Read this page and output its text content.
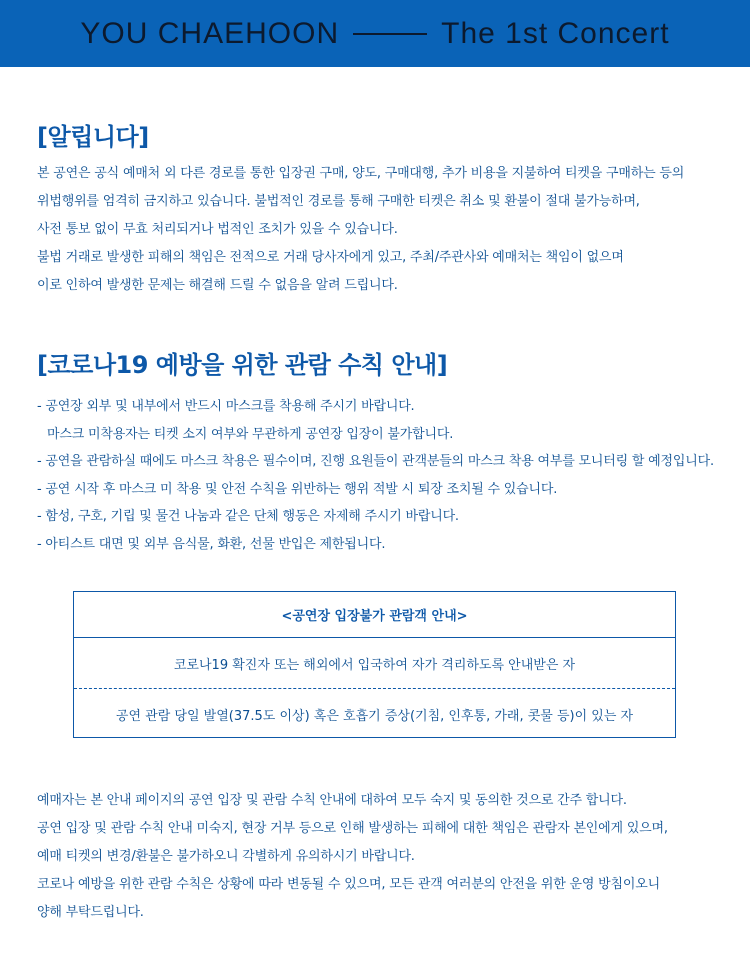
YOU CHAEHOON	The 1st Concert
[알립니다]
본 공연은 공식 예매처 외 다른 경로를 통한 입장권 구매, 양도, 구매대행, 추가 비용을 지불하여 티켓을 구매하는 등의
위법행위를 엄격히 금지하고 있습니다. 불법적인 경로를 통해 구매한 티켓은 취소 및 환불이 절대 불가능하며,
사전 통보 없이 무효 처리되거나 법적인 조치가 있을 수 있습니다.
불법 거래로 발생한 피해의 책임은 전적으로 거래 당사자에게 있고, 주최/주관사와 예매처는 책임이 없으며
이로 인하여 발생한 문제는 해결해 드릴 수 없음을 알려 드립니다.
[코로나19 예방을 위한 관람 수칙 안내]
- 공연장 외부 및 내부에서 반드시 마스크를 착용해 주시기 바랍니다.
마스크 미착용자는 티켓 소지 여부와 무관하게 공연장 입장이 불가합니다.
- 공연을 관람하실 때에도 마스크 착용은 필수이며, 진행 요원들이 관객분들의 마스크 착용 여부를 모니터링 할 예정입니다.
- 공연 시작 후 마스크 미 착용 및 안전 수칙을 위반하는 행위 적발 시 퇴장 조치될 수 있습니다.
- 함성, 구호, 기립 및 물건 나눔과 같은 단체 행동은 자제해 주시기 바랍니다.
- 아티스트 대면 및 외부 음식물, 화환, 선물 반입은 제한됩니다.
<공연장 입장불가 관람객 안내>
코로나19 확진자 또는 해외에서 입국하여 자가 격리하도록 안내받은 자
공연 관람 당일 발열(37.5도 이상) 혹은 호흡기 증상(기침, 인후통, 가래, 콧물 등)이 있는 자
예매자는 본 안내 페이지의 공연 입장 및 관람 수칙 안내에 대하여 모두 숙지 및 동의한 것으로 간주 합니다.
공연 입장 및 관람 수칙 안내 미숙지, 현장 거부 등으로 인해 발생하는 피해에 대한 책임은 관람자 본인에게 있으며,
예매 티켓의 변경/환불은 불가하오니 각별하게 유의하시기 바랍니다.
코로나 예방을 위한 관람 수칙은 상황에 따라 변동될 수 있으며, 모든 관객 여러분의 안전을 위한 운영 방침이오니
양해 부탁드립니다.
